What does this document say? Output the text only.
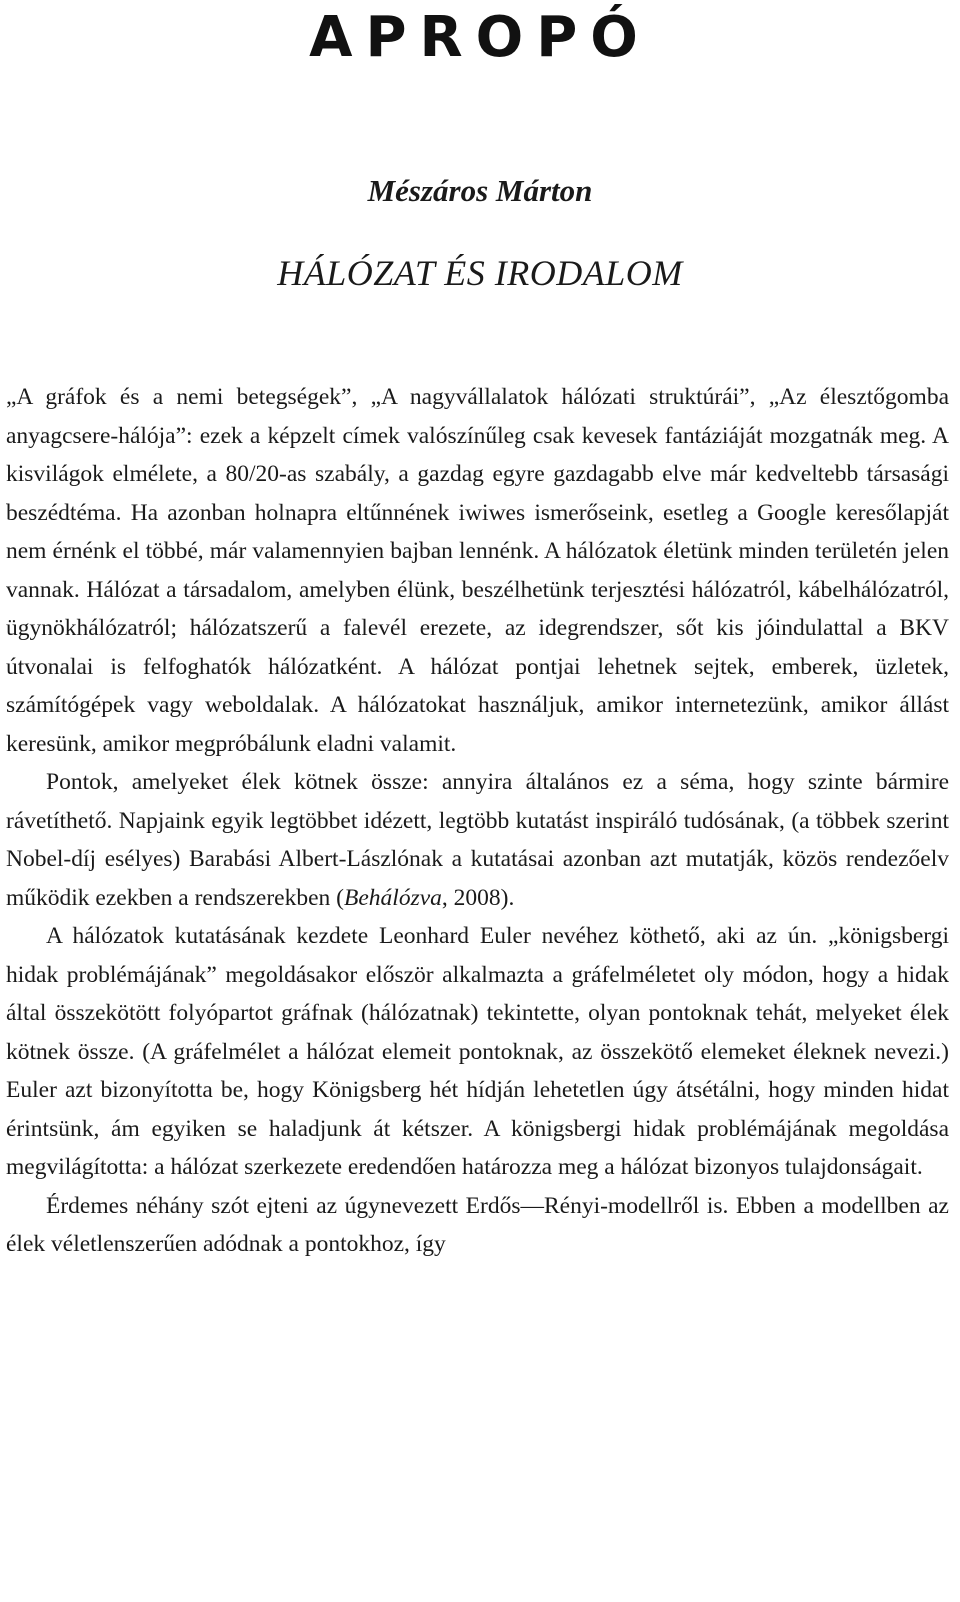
APROPÓ
Mészáros Márton
HÁLÓZAT ÉS IRODALOM

„A gráfok és a nemi betegségek”, „A nagyvállalatok hálózati struktúrái”, „Az élesztőgomba anyagcsere-hálója”: ezek a képzelt címek valószínűleg csak kevesek fantáziáját mozgatnák meg. A kisvilágok elmélete, a 80/20-as szabály, a gazdag egyre gazdagabb elve már kedveltebb társasági beszédtéma. Ha azonban holnapra eltűnnének iwiwes ismerőseink, esetleg a Google keresőlapját nem érnénk el többé, már valamennyien bajban lennénk. A hálózatok életünk minden területén jelen vannak. Hálózat a társadalom, amelyben élünk, beszélhetünk terjesztési hálózatról, kábelhálózatról, ügynökhálózatról; hálózatszerű a falevél erezete, az idegrendszer, sőt kis jóindulattal a BKV útvonalai is felfoghatók hálózatként. A hálózat pontjai lehetnek sejtek, emberek, üzletek, számítógépek vagy weboldalak. A hálózatokat használjuk, amikor internetezünk, amikor állást keresünk, amikor megpróbálunk eladni valamit.

Pontok, amelyeket élek kötnek össze: annyira általános ez a séma, hogy szinte bármire rávetíthető. Napjaink egyik legtöbbet idézett, legtöbb kutatást inspiráló tudósának, (a többek szerint Nobel-díj esélyes) Barabási Albert-Lászlónak a kutatásai azonban azt mutatják, közös rendezőelv működik ezekben a rendszerekben (Behálózva, 2008).

A hálózatok kutatásának kezdete Leonhard Euler nevéhez köthető, aki az ún. „königsbergi hidak problémájának” megoldásakor először alkalmazta a gráfelméletet oly módon, hogy a hidak által összekötött folyópartot gráfnak (hálózatnak) tekintette, olyan pontoknak tehát, melyeket élek kötnek össze. (A gráfelmélet a hálózat elemeit pontoknak, az összekötő elemeket éleknek nevezi.) Euler azt bizonyította be, hogy Königsberg hét hídján lehetetlen úgy átsétálni, hogy minden hidat érintsünk, ám egyiken se haladjunk át kétszer. A königsbergi hidak problémájának megoldása megvilágította: a hálózat szerkezete eredendően határozza meg a hálózat bizonyos tulajdonságait.

Érdemes néhány szót ejteni az úgynevezett Erdős—Rényi-modellről is. Ebben a modellben az élek véletlenszerűen adódnak a pontokhoz, így
